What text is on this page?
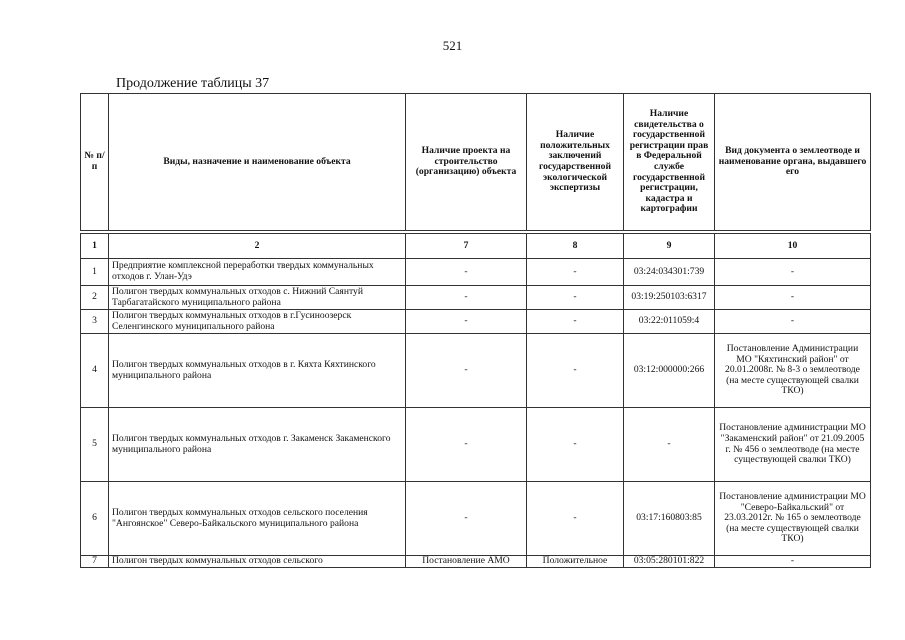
521
Продолжение таблицы 37
№ п/п	Виды, назначение и наименование объекта	Наличие проекта на строительство (организацию) объекта	Наличие положительных заключений государственной экологической экспертизы	Наличие свидетельства о государственной регистрации прав в Федеральной службе государственной регистрации, кадастра и картографии	Вид документа о землеотводе и наименование органа, выдавшего его

1	2	7	8	9	10
1	Предприятие комплексной переработки твердых коммунальных отходов г. Улан-Удэ	-	-	03:24:034301:739	-
2	Полигон твердых коммунальных отходов с. Нижний Саянтуй Тарбагатайского муниципального района	-	-	03:19:250103:6317	-
3	Полигон твердых коммунальных отходов в г.Гусиноозерск Селенгинского муниципального района	-	-	03:22:011059:4	-
4	Полигон твердых коммунальных отходов в г. Кяхта Кяхтинского муниципального района	-	-	03:12:000000:266	Постановление Администрации МО "Кяхтинский район" от 20.01.2008г. № 8-3 о землеотводе (на месте существующей свалки ТКО)
5	Полигон твердых коммунальных отходов г. Закаменск Закаменского муниципального района	-	-	-	Постановление администрации МО "Закаменский район" от 21.09.2005 г. № 456 о землеотводе (на месте существующей свалки ТКО)
6	Полигон твердых коммунальных отходов сельского поселения "Ангоянское" Северо-Байкальского муниципального района	-	-	03:17:160803:85	Постановление администрации МО "Северо-Байкальский" от 23.03.2012г. № 165 о землеотводе (на месте существующей свалки ТКО)
7	Полигон твердых коммунальных отходов сельского	Постановление АМО	Положительное	03:05:280101:822	-
